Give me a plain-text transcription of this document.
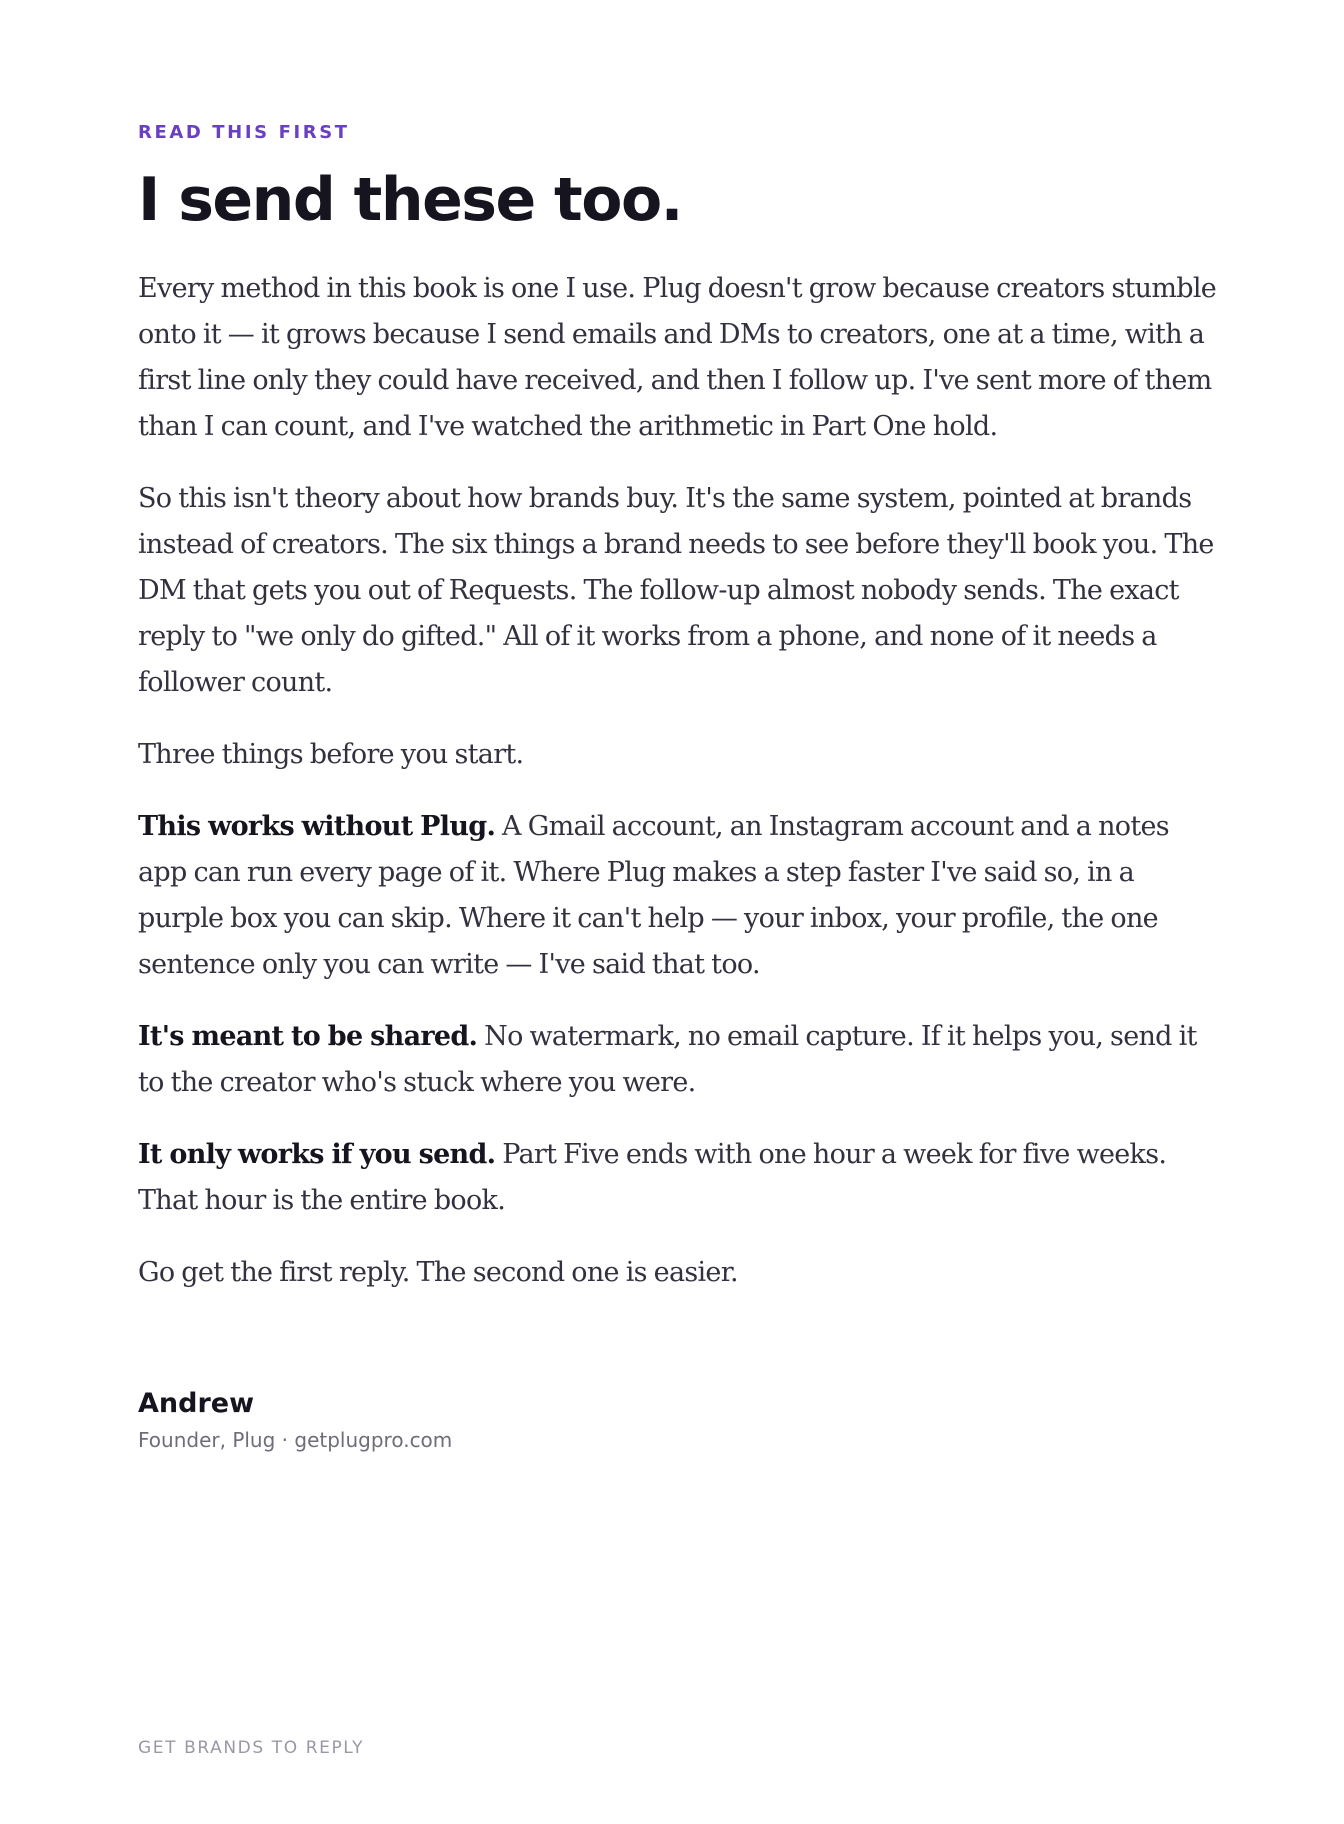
READ THIS FIRST
I send these too.

Every method in this book is one I use. Plug doesn't grow because creators stumble onto it — it grows because I send emails and DMs to creators, one at a time, with a first line only they could have received, and then I follow up. I've sent more of them than I can count, and I've watched the arithmetic in Part One hold.

So this isn't theory about how brands buy. It's the same system, pointed at brands instead of creators. The six things a brand needs to see before they'll book you. The DM that gets you out of Requests. The follow-up almost nobody sends. The exact reply to "we only do gifted." All of it works from a phone, and none of it needs a follower count.

Three things before you start.

This works without Plug. A Gmail account, an Instagram account and a notes app can run every page of it. Where Plug makes a step faster I've said so, in a purple box you can skip. Where it can't help — your inbox, your profile, the one sentence only you can write — I've said that too.

It's meant to be shared. No watermark, no email capture. If it helps you, send it to the creator who's stuck where you were.

It only works if you send. Part Five ends with one hour a week for five weeks. That hour is the entire book.

Go get the first reply. The second one is easier.

Andrew
Founder, Plug · getplugpro.com
GET BRANDS TO REPLY
